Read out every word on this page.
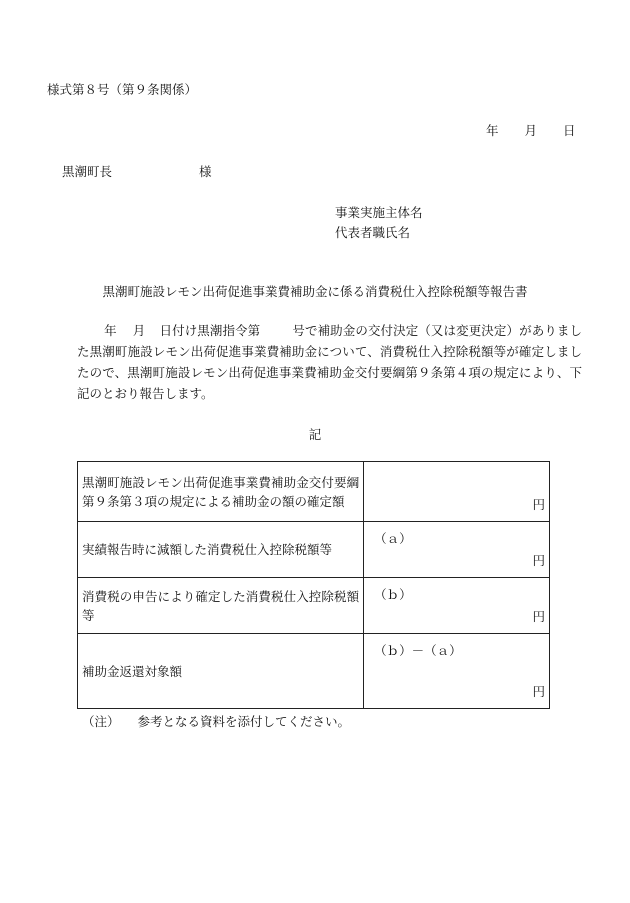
様式第８号（第９条関係）
年 月 日
黒潮町長	様
事業実施主体名
代表者職氏名
黒潮町施設レモン出荷促進事業費補助金に係る消費税仕入控除税額等報告書
年 月 日付け黒潮指令第	号で補助金の交付決定（又は変更決定）がありました黒潮町施設レモン出荷促進事業費補助金について、消費税仕入控除税額等が確定しましたので、黒潮町施設レモン出荷促進事業費補助金交付要綱第９条第４項の規定により、下記のとおり報告します。
記
黒潮町施設レモン出荷促進事業費補助金交付要綱第９条第３項の規定による補助金の額の確定額	円

実績報告時に減額した消費税仕入控除税額等	（ａ）
円

消費税の申告により確定した消費税仕入控除税額等	（ｂ）
円

補助金返還対象額	（ｂ）－（ａ）
円
（注） 参考となる資料を添付してください。
